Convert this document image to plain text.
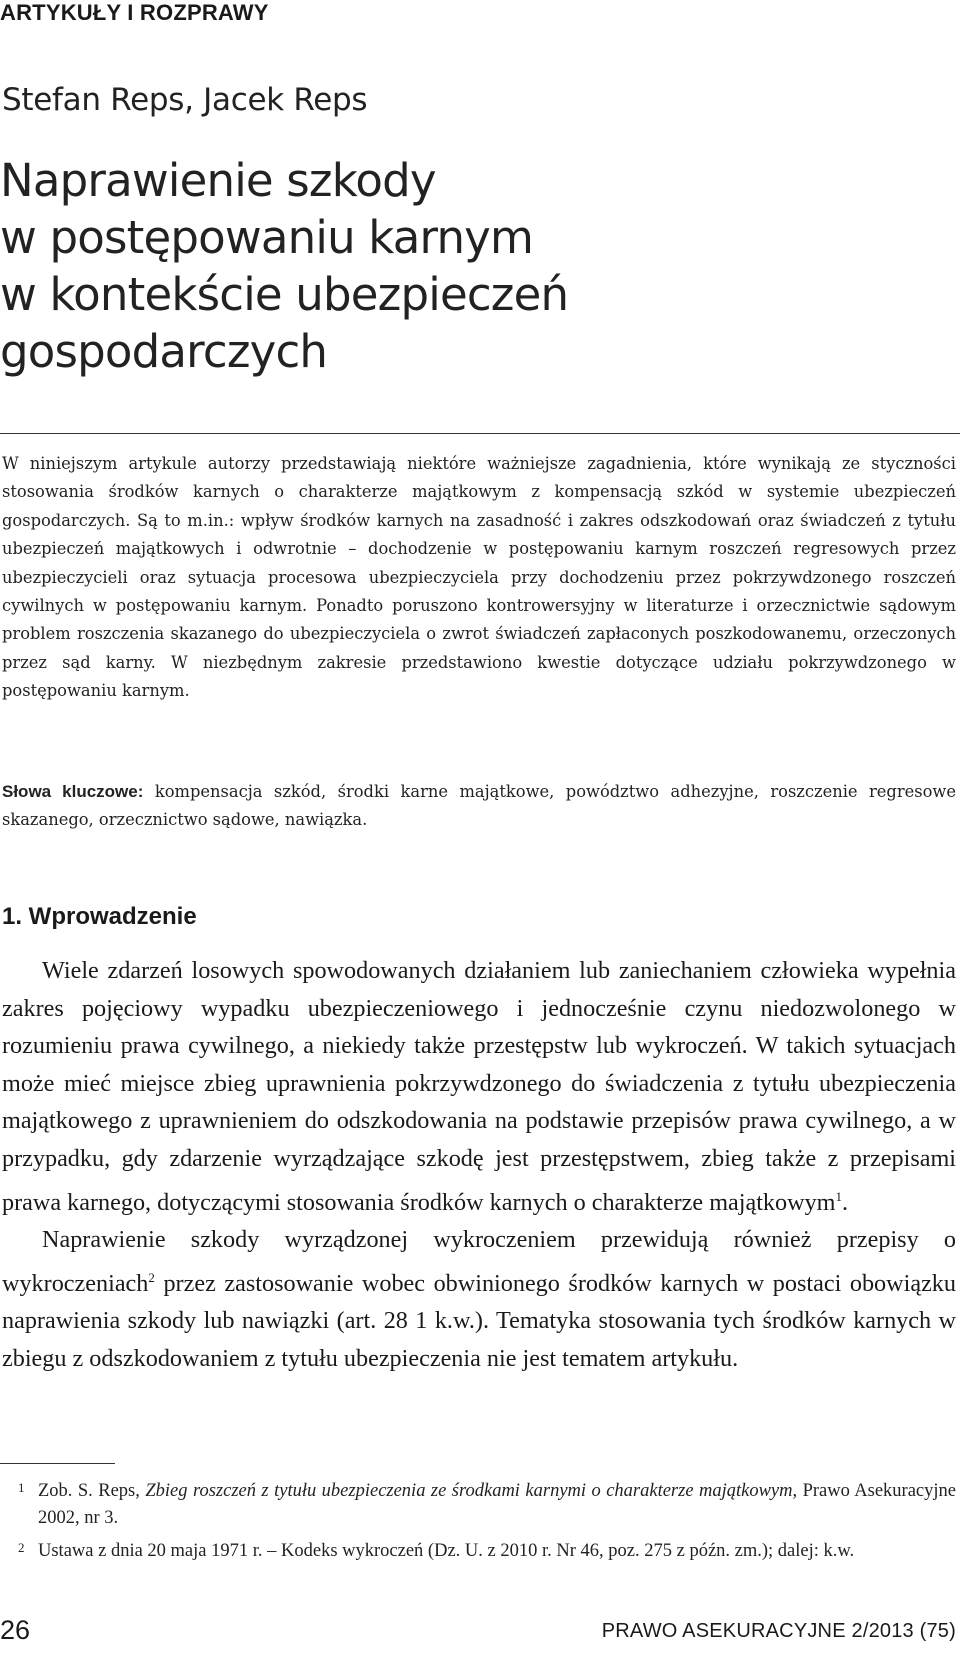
ARTYKUŁY I ROZPRAWY
Stefan Reps, Jacek Reps
Naprawienie szkody
w postępowaniu karnym
w kontekście ubezpieczeń
gospodarczych

W niniejszym artykule autorzy przedstawiają niektóre ważniejsze zagadnienia, które wynikają ze styczności stosowania środków karnych o charakterze majątkowym z kompensacją szkód w systemie ubezpieczeń gospodarczych. Są to m.in.: wpływ środków karnych na zasadność i zakres odszkodowań oraz świadczeń z tytułu ubezpieczeń majątkowych i odwrotnie – dochodzenie w postępowaniu karnym roszczeń regresowych przez ubezpieczycieli oraz sytuacja procesowa ubezpieczyciela przy dochodzeniu przez pokrzywdzonego roszczeń cywilnych w postępowaniu karnym. Ponadto poruszono kontrowersyjny w literaturze i orzecznictwie sądowym problem roszczenia skazanego do ubezpieczyciela o zwrot świadczeń zapłaconych poszkodowanemu, orzeczonych przez sąd karny. W niezbędnym zakresie przedstawiono kwestie dotyczące udziału pokrzywdzonego w postępowaniu karnym.

Słowa kluczowe: kompensacja szkód, środki karne majątkowe, powództwo adhezyjne, roszczenie regresowe skazanego, orzecznictwo sądowe, nawiązka.

1. Wprowadzenie

Wiele zdarzeń losowych spowodowanych działaniem lub zaniechaniem człowieka wypełnia zakres pojęciowy wypadku ubezpieczeniowego i jednocześnie czynu niedozwolonego w rozumieniu prawa cywilnego, a niekiedy także przestępstw lub wykroczeń. W takich sytuacjach może mieć miejsce zbieg uprawnienia pokrzywdzonego do świadczenia z tytułu ubezpieczenia majątkowego z uprawnieniem do odszkodowania na podstawie przepisów prawa cywilnego, a w przypadku, gdy zdarzenie wyrządzające szkodę jest przestępstwem, zbieg także z przepisami prawa karnego, dotyczącymi stosowania środków karnych o charakterze majątkowym$^1$.

Naprawienie szkody wyrządzonej wykroczeniem przewidują również przepisy o wykroczeniach$^2$ przez zastosowanie wobec obwinionego środków karnych w postaci obowiązku naprawienia szkody lub nawiązki (art. 28 1 k.w.). Tematyka stosowania tych środków karnych w zbiegu z odszkodowaniem z tytułu ubezpieczenia nie jest tematem artykułu.

1 Zob. S. Reps, Zbieg roszczeń z tytułu ubezpieczenia ze środkami karnymi o charakterze majątkowym, Prawo Asekuracyjne 2002, nr 3.

2 Ustawa z dnia 20 maja 1971 r. – Kodeks wykroczeń (Dz. U. z 2010 r. Nr 46, poz. 275 z późn. zm.); dalej: k.w.

26	PRAWO ASEKURACYJNE 2/2013 (75)
